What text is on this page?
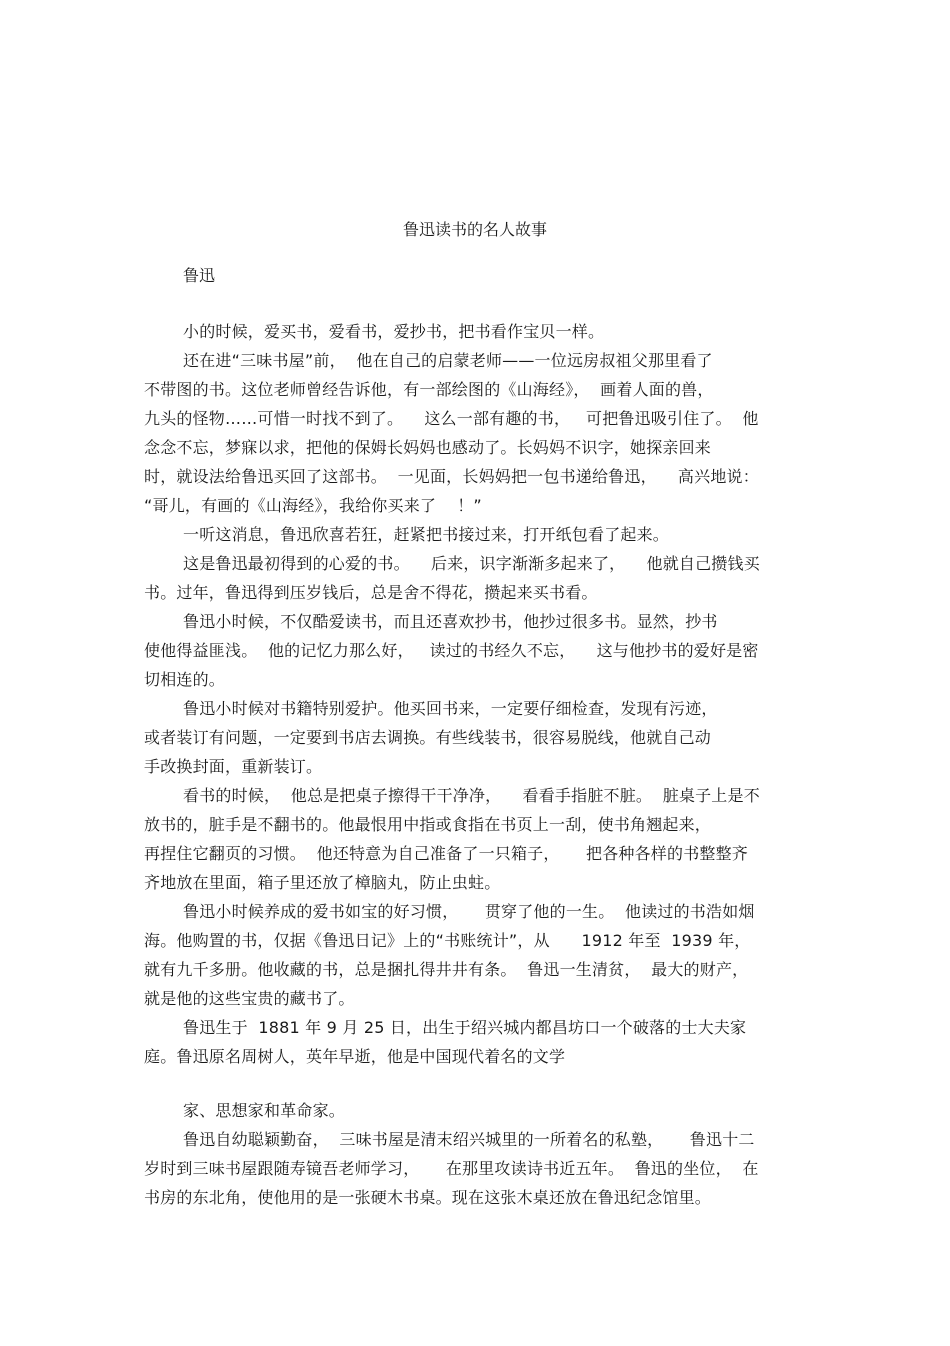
鲁迅读书的名人故事
鲁迅
小的时候，爱买书，爱看书，爱抄书，把书看作宝贝一样。
还在进“三味书屋”前，  他在自己的启蒙老师——一位远房叔祖父那里看了
不带图的书。这位老师曾经告诉他，有一部绘图的《山海经》，  画着人面的兽，
九头的怪物……可惜一时找不到了。    这么一部有趣的书，   可把鲁迅吸引住了。  他
念念不忘，梦寐以求，把他的保姆长妈妈也感动了。长妈妈不识字，她探亲回来
时，就设法给鲁迅买回了这部书。  一见面，长妈妈把一包书递给鲁迅，    高兴地说：
“哥儿，有画的《山海经》，我给你买来了    ！”
一听这消息，鲁迅欣喜若狂，赶紧把书接过来，打开纸包看了起来。
这是鲁迅最初得到的心爱的书。    后来，识字渐渐多起来了，    他就自己攒钱买
书。过年，鲁迅得到压岁钱后，总是舍不得花，攒起来买书看。
鲁迅小时候，不仅酷爱读书，而且还喜欢抄书，他抄过很多书。显然，抄书
使他得益匪浅。  他的记忆力那么好，   读过的书经久不忘，    这与他抄书的爱好是密
切相连的。
鲁迅小时候对书籍特别爱护。他买回书来，一定要仔细检查，发现有污迹，
或者装订有问题，一定要到书店去调换。有些线装书，很容易脱线，他就自己动
手改换封面，重新装订。
看书的时候，  他总是把桌子擦得干干净净，    看看手指脏不脏。  脏桌子上是不
放书的，脏手是不翻书的。他最恨用中指或食指在书页上一刮，使书角翘起来，
再捏住它翻页的习惯。  他还特意为自己准备了一只箱子，     把各种各样的书整整齐
齐地放在里面，箱子里还放了樟脑丸，防止虫蛀。
鲁迅小时候养成的爱书如宝的好习惯，     贯穿了他的一生。  他读过的书浩如烟
海。他购置的书，仅据《鲁迅日记》上的“书账统计”，从      1912 年至  1939 年，
就有九千多册。他收藏的书，总是捆扎得井井有条。  鲁迅一生清贫，  最大的财产，
就是他的这些宝贵的藏书了。
鲁迅生于  1881 年 9 月 25 日，出生于绍兴城内都昌坊口一个破落的士大夫家
庭。鲁迅原名周树人，英年早逝，他是中国现代着名的文学
家、思想家和革命家。
鲁迅自幼聪颖勤奋，  三味书屋是清末绍兴城里的一所着名的私塾，     鲁迅十二
岁时到三味书屋跟随寿镜吾老师学习，     在那里攻读诗书近五年。  鲁迅的坐位，  在
书房的东北角，使他用的是一张硬木书桌。现在这张木桌还放在鲁迅纪念馆里。
